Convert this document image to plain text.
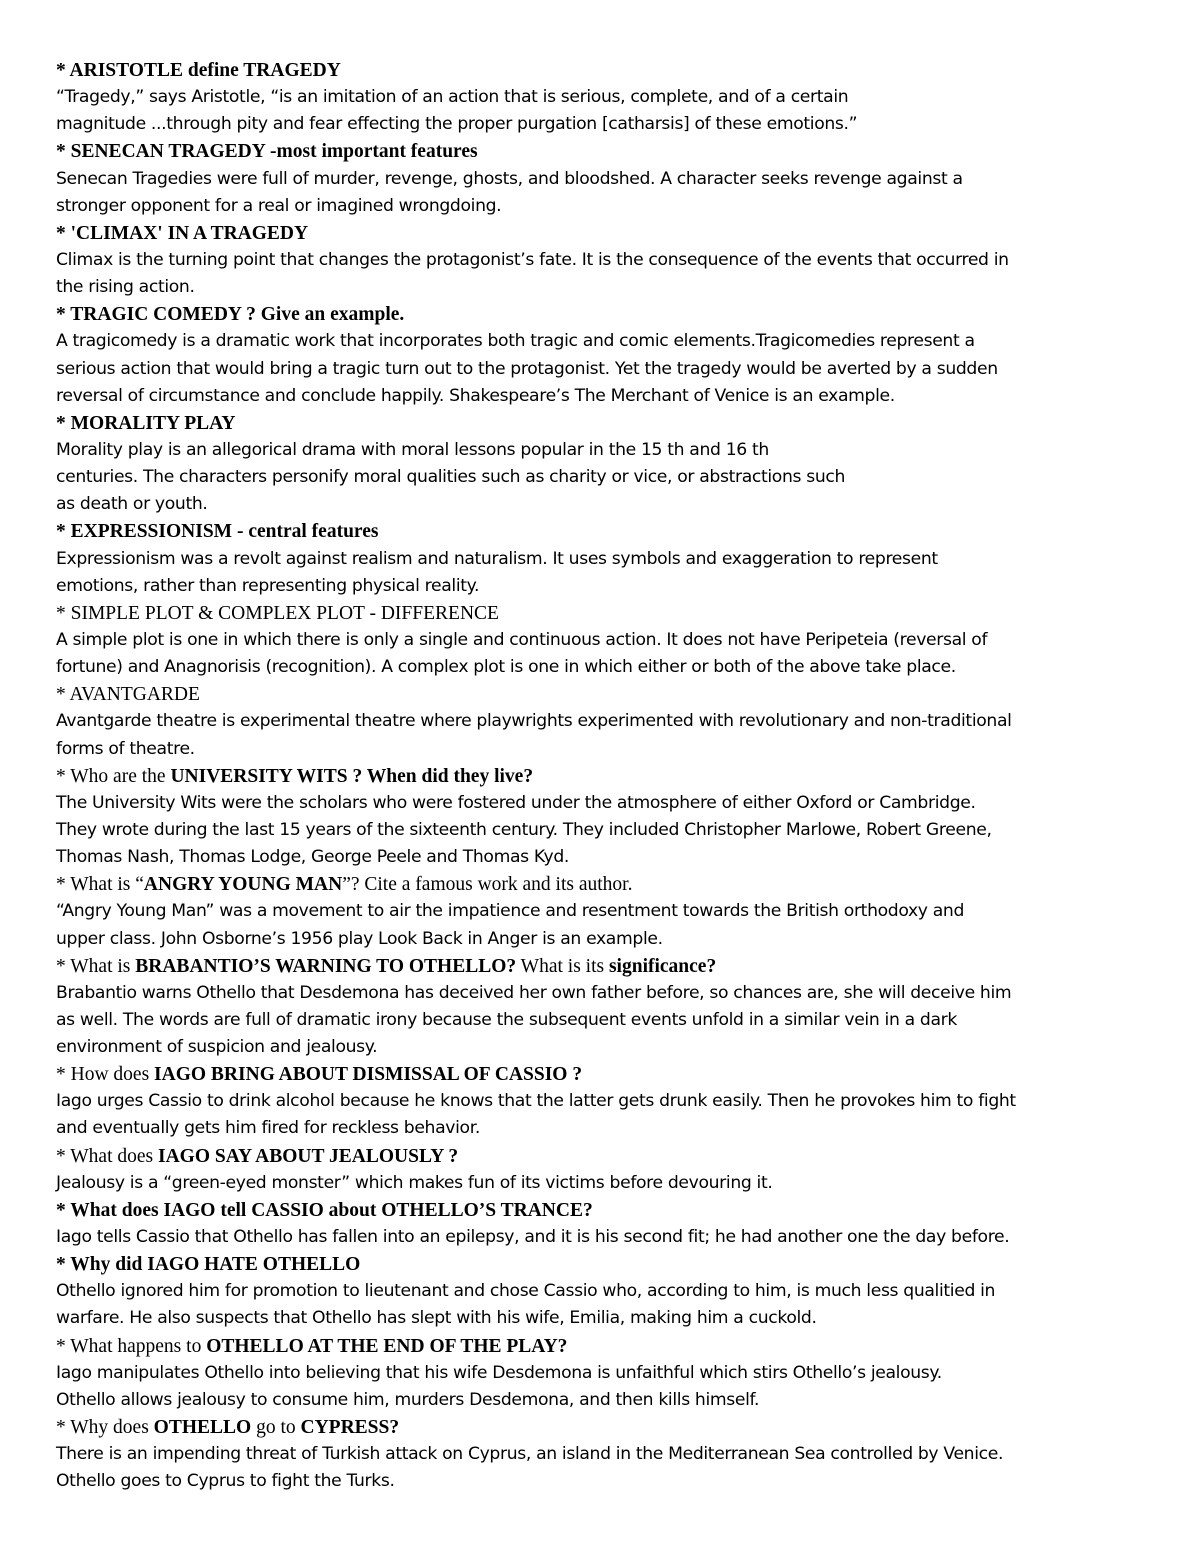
* ARISTOTLE define TRAGEDY
“Tragedy,” says Aristotle, “is an imitation of an action that is serious, complete, and of a certain
magnitude ...through pity and fear effecting the proper purgation [catharsis] of these emotions.”
* SENECAN TRAGEDY -most important features
Senecan Tragedies were full of murder, revenge, ghosts, and bloodshed. A character seeks revenge against a
stronger opponent for a real or imagined wrongdoing.
* 'CLIMAX' IN A TRAGEDY
Climax is the turning point that changes the protagonist’s fate. It is the consequence of the events that occurred in
the rising action.
* TRAGIC COMEDY ? Give an example.
A tragicomedy is a dramatic work that incorporates both tragic and comic elements.Tragicomedies represent a
serious action that would bring a tragic turn out to the protagonist. Yet the tragedy would be averted by a sudden
reversal of circumstance and conclude happily. Shakespeare’s The Merchant of Venice is an example.
* MORALITY PLAY
Morality play is an allegorical drama with moral lessons popular in the 15 th and 16 th
centuries. The characters personify moral qualities such as charity or vice, or abstractions such
as death or youth.
* EXPRESSIONISM - central features
Expressionism was a revolt against realism and naturalism. It uses symbols and exaggeration to represent
emotions, rather than representing physical reality.
* SIMPLE PLOT & COMPLEX PLOT - DIFFERENCE
A simple plot is one in which there is only a single and continuous action. It does not have Peripeteia (reversal of
fortune) and Anagnorisis (recognition). A complex plot is one in which either or both of the above take place.
* AVANTGARDE
Avantgarde theatre is experimental theatre where playwrights experimented with revolutionary and non-traditional
forms of theatre.
* Who are the UNIVERSITY WITS ? When did they live?
The University Wits were the scholars who were fostered under the atmosphere of either Oxford or Cambridge.
They wrote during the last 15 years of the sixteenth century. They included Christopher Marlowe, Robert Greene,
Thomas Nash, Thomas Lodge, George Peele and Thomas Kyd.
* What is “ANGRY YOUNG MAN”? Cite a famous work and its author.
“Angry Young Man” was a movement to air the impatience and resentment towards the British orthodoxy and
upper class. John Osborne’s 1956 play Look Back in Anger is an example.
* What is BRABANTIO’S WARNING TO OTHELLO? What is its significance?
Brabantio warns Othello that Desdemona has deceived her own father before, so chances are, she will deceive him
as well. The words are full of dramatic irony because the subsequent events unfold in a similar vein in a dark
environment of suspicion and jealousy.
* How does IAGO BRING ABOUT DISMISSAL OF CASSIO ?
Iago urges Cassio to drink alcohol because he knows that the latter gets drunk easily. Then he provokes him to fight
and eventually gets him fired for reckless behavior.
* What does IAGO SAY ABOUT JEALOUSLY ?
Jealousy is a “green-eyed monster” which makes fun of its victims before devouring it.
* What does IAGO tell CASSIO about OTHELLO’S TRANCE?
Iago tells Cassio that Othello has fallen into an epilepsy, and it is his second fit; he had another one the day before.
* Why did IAGO HATE OTHELLO
Othello ignored him for promotion to lieutenant and chose Cassio who, according to him, is much less qualitied in
warfare. He also suspects that Othello has slept with his wife, Emilia, making him a cuckold.
* What happens to OTHELLO AT THE END OF THE PLAY?
Iago manipulates Othello into believing that his wife Desdemona is unfaithful which stirs Othello’s jealousy.
Othello allows jealousy to consume him, murders Desdemona, and then kills himself.
* Why does OTHELLO go to CYPRESS?
There is an impending threat of Turkish attack on Cyprus, an island in the Mediterranean Sea controlled by Venice.
Othello goes to Cyprus to fight the Turks.
